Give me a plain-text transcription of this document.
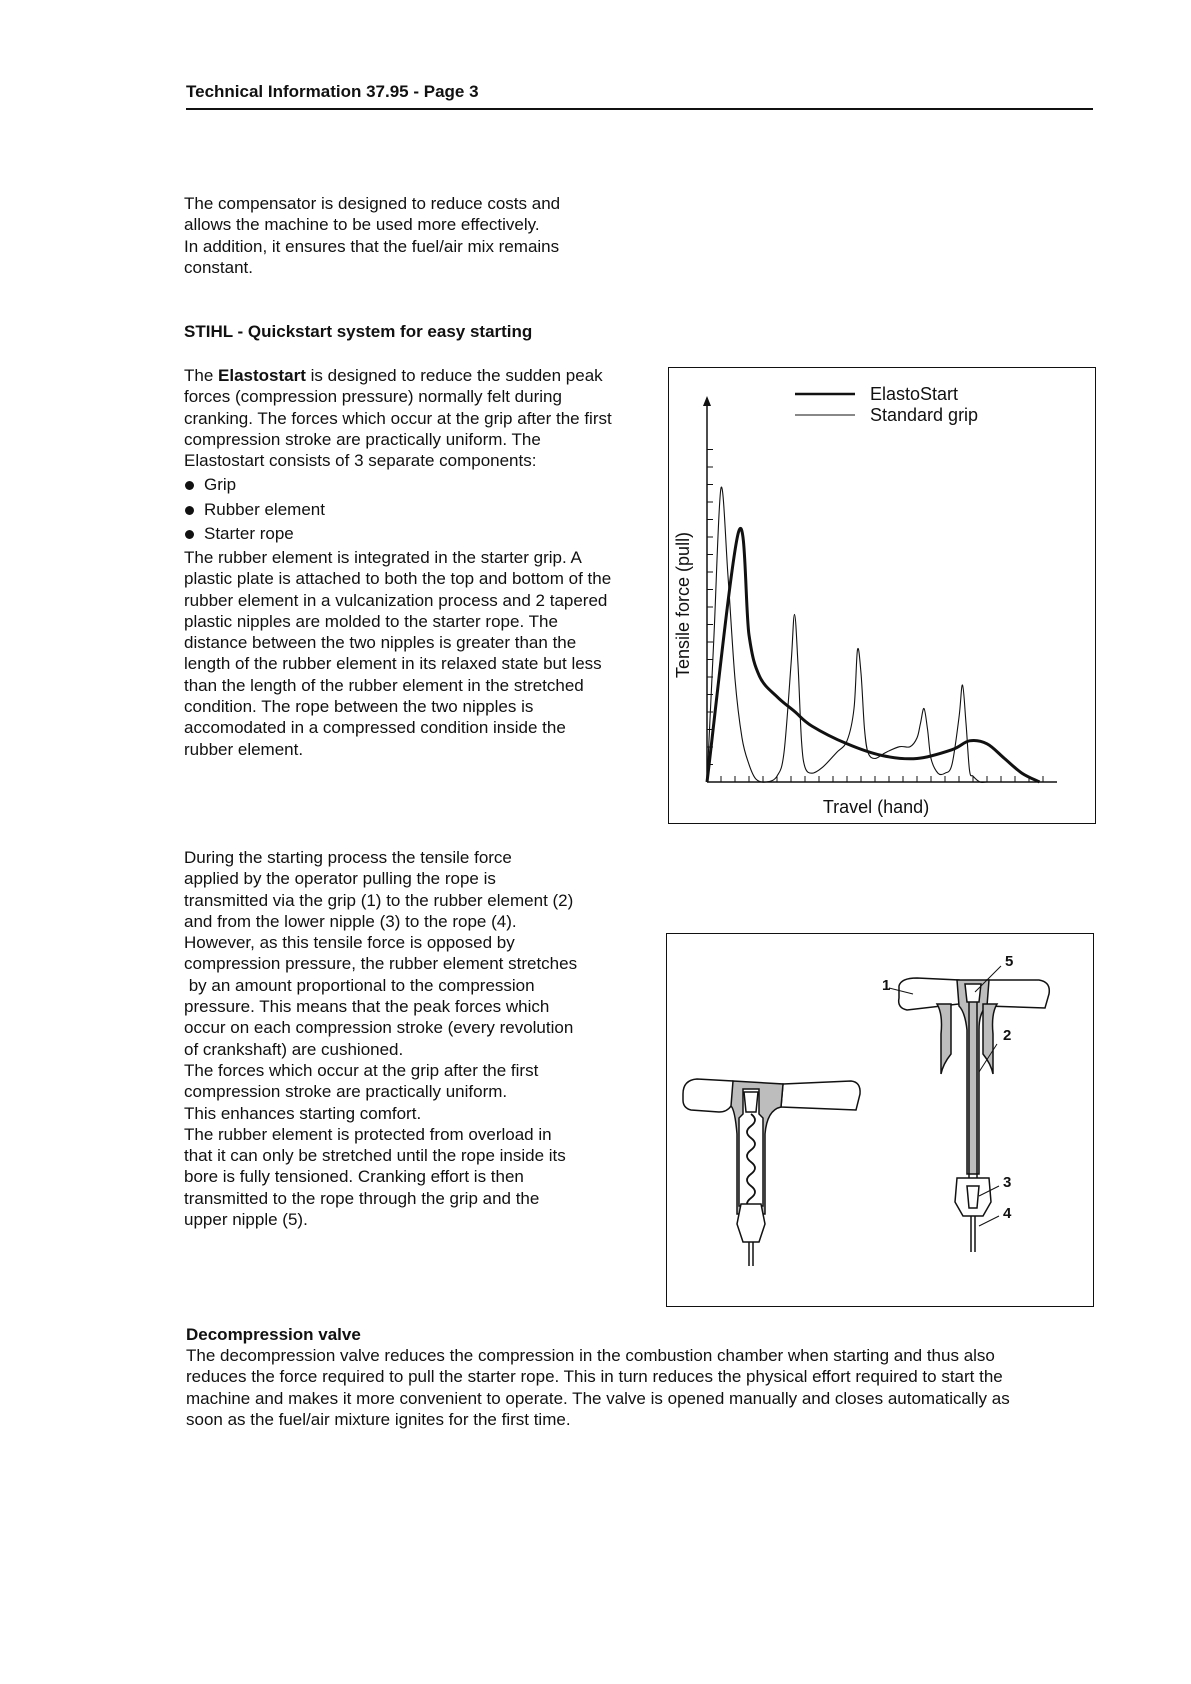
Technical Information 37.95 - Page 3

The compensator is designed to reduce costs and

allows the machine to be used more effectively.

In addition, it ensures that the fuel/air mix remains

constant.

STIHL - Quickstart system for easy starting

The Elastostart is designed to reduce the sudden peak forces (compression pressure) normally felt during cranking. The forces which occur at the grip after the first compression stroke are practically uniform. The Elastostart consists of 3 separate components:

Grip
Rubber element
Starter rope

The rubber element is integrated in the starter grip. A plastic plate is attached to both the top and bottom of the rubber element in a vulcanization process and 2 tapered plastic nipples are molded to the starter rope. The distance between the two nipples is greater than the length of the rubber element in its relaxed state but less than the length of the rubber element in the stretched condition. The rope between the two nipples is accomodated in a compressed condition inside the rubber element.

ElastoStart
Standard grip
Tensile force (pull)
Travel (hand)

During the starting process the tensile force

applied by the operator pulling the rope is

transmitted via the grip (1) to the rubber element (2)

and from the lower nipple (3) to the rope (4).

However, as this tensile force is opposed by

compression pressure, the rubber element stretches

by an amount proportional to the compression

pressure. This means that the peak forces which

occur on each compression stroke (every revolution

of crankshaft) are cushioned.

The forces which occur at the grip after the first

compression stroke are practically uniform.

This enhances starting comfort.

The rubber element is protected from overload in

that it can only be stretched until the rope inside its

bore is fully tensioned. Cranking effort is then

transmitted to the rope through the grip and the

upper nipple (5).

1
2
3
4
5
Decompression valve

The decompression valve reduces the compression in the combustion chamber when starting and thus also

reduces the force required to pull the starter rope. This in turn reduces the physical effort required to start the

machine and makes it more convenient to operate. The valve is opened manually and closes automatically as

soon as the fuel/air mixture ignites for the first time.
